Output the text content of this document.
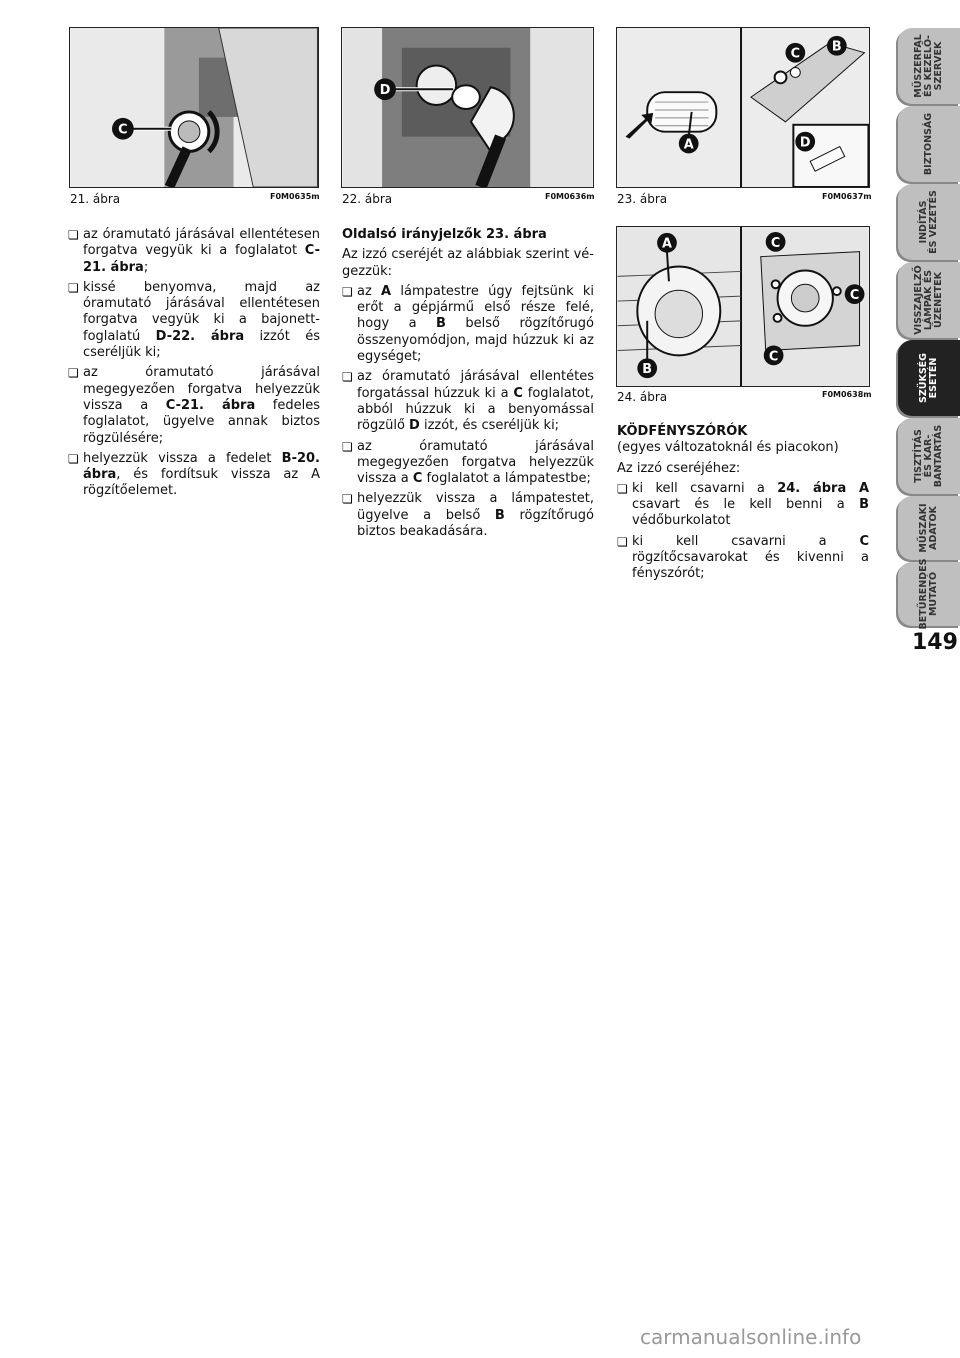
C
21. ábra	F0M0635m
D
22. ábra	F0M0636m
A
C B
D
23. ábra	F0M0637m
A
B
C
C
C
24. ábra	F0M0638m
❏ az óramutató járásával ellentétesen forgatva vegyük ki a foglalatot C-21. ábra;
❏ kissé benyomva, majd az óramutató járásával ellentétesen forgatva vegyük ki a bajonett-foglalatú D-22. ábra izzót és cseréljük ki;
❏ az óramutató járásával megegyezően forgatva helyezzük vissza a C-21. ábra fedeles foglalatot, ügyelve annak biztos rögzülésére;
❏ helyezzük vissza a fedelet B-20. ábra, és fordítsuk vissza az A rögzítőelemet.

Oldalsó irányjelzők 23. ábra

Az izzó cseréjét az alábbiak szerint végezzük:

❏ az A lámpatestre úgy fejtsünk ki erőt a gépjármű első része felé, hogy a B belső rögzítőrugó összenyomódjon, majd húzzuk ki az egységet;
❏ az óramutató járásával ellentétes forgatással húzzuk ki a C foglalatot, abból húzzuk ki a benyomással rögzülő D izzót, és cseréljük ki;
❏ az óramutató járásával megegyezően forgatva helyezzük vissza a C foglalatot a lámpatestbe;
❏ helyezzük vissza a lámpatestet, ügyelve a belső B rögzítőrugó biztos beakadására.

KÖDFÉNYSZÓRÓK

(egyes változatoknál és piacokon)

Az izzó cseréjéhez:

❏ ki kell csavarni a 24. ábra A csavart és le kell benni a B védőburkolatot
❏ ki kell csavarni a C rögzítőcsavarokat és kivenni a fényszórót;
MŰSZERFAL
ÉS KEZELŐ-
SZERVEK
BIZTONSÁG
INDÍTÁS
ÉS VEZETÉS
VISSZAJELZŐ
LÁMPÁK ÉS
ÜZENETEK
SZÜKSÉG
ESETÉN
TISZTÍTÁS
ÉS KAR-
BANTARTÁS
MŰSZAKI
ADATOK
BETŰRENDES
MUTATÓ
149
carmanualsonline.info
